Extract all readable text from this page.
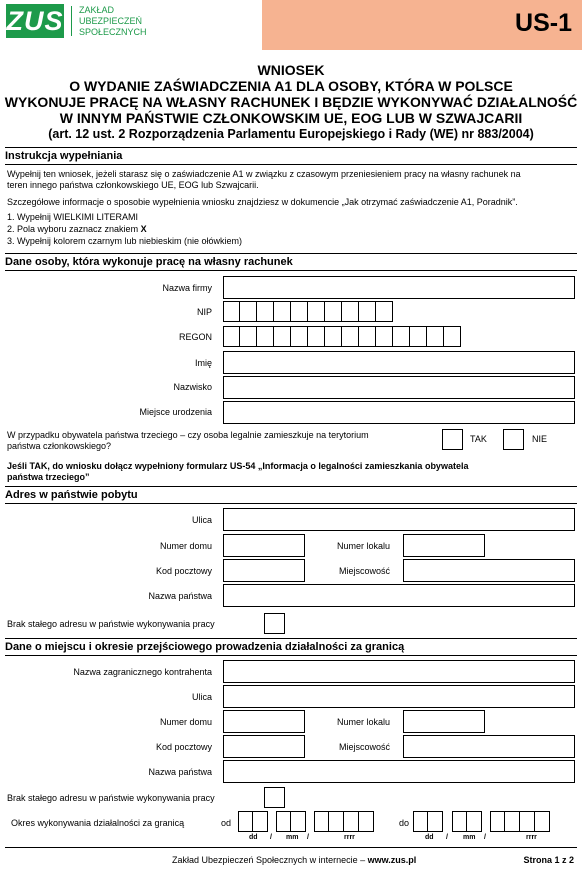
ZUS ZAKŁAD
UBEZPIECZEŃ
SPOŁECZNYCH	US-1
WNIOSEK
O WYDANIE ZAŚWIADCZENIA A1 DLA OSOBY, KTÓRA W POLSCE
WYKONUJE PRACĘ NA WŁASNY RACHUNEK I BĘDZIE WYKONYWAĆ DZIAŁALNOŚĆ
W INNYM PAŃSTWIE CZŁONKOWSKIM UE, EOG LUB W SZWAJCARII
(art. 12 ust. 2 Rozporządzenia Parlamentu Europejskiego i Rady (WE) nr 883/2004)
Instrukcja wypełniania
Wypełnij ten wniosek, jeżeli starasz się o zaświadczenie A1 w związku z czasowym przeniesieniem pracy na własny rachunek na
teren innego państwa członkowskiego UE, EOG lub Szwajcarii.
Szczegółowe informacje o sposobie wypełnienia wniosku znajdziesz w dokumencie „Jak otrzymać zaświadczenie A1, Poradnik”.
1. Wypełnij WIELKIMI LITERAMI
2. Pola wyboru zaznacz znakiem X
3. Wypełnij kolorem czarnym lub niebieskim (nie ołówkiem)
Dane osoby, która wykonuje pracę na własny rachunek
Nazwa firmy
NIP
REGON
Imię
Nazwisko
Miejsce urodzenia
W przypadku obywatela państwa trzeciego – czy osoba legalnie zamieszkuje na terytorium
państwa członkowskiego?
TAK	NIE
Jeśli TAK, do wniosku dołącz wypełniony formularz US-54 „Informacja o legalności zamieszkania obywatela
państwa trzeciego”
Adres w państwie pobytu
Ulica
Numer domu	Numer lokalu
Kod pocztowy	Miejscowość
Nazwa państwa
Brak stałego adresu w państwie wykonywania pracy
Dane o miejscu i okresie przejściowego prowadzenia działalności za granicą
Nazwa zagranicznego kontrahenta
Ulica
Numer domu	Numer lokalu
Kod pocztowy	Miejscowość
Nazwa państwa
Brak stałego adresu w państwie wykonywania pracy
Okres wykonywania działalności za granicą	od
dd / mm /	rrrr
do
dd / mm /	rrrr
Zakład Ubezpieczeń Społecznych w internecie – www.zus.pl	Strona 1 z 2
